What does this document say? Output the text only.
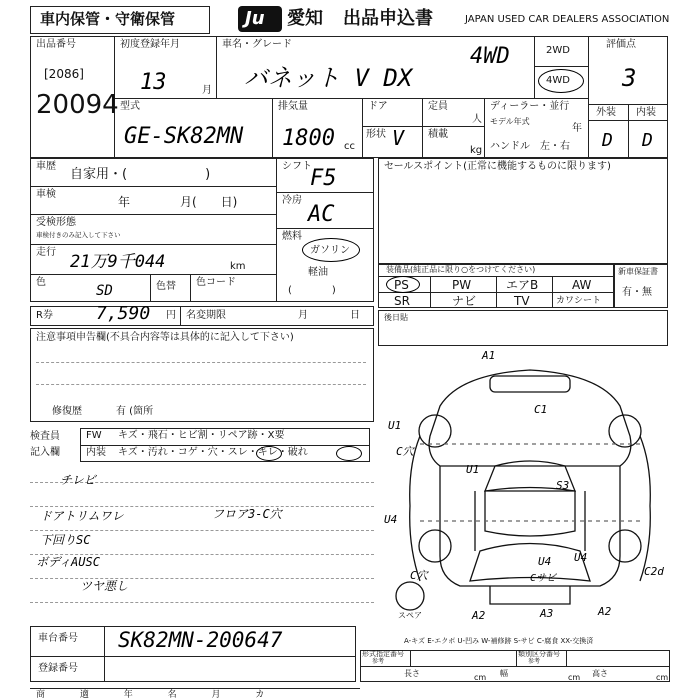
車内保管・守衛保管	Ju 愛知 出品申込書	JAPAN USED CAR DEALERS ASSOCIATION
出品番号
[2086]
20094
初度登録年月
13	月
車名・グレード
バネット V DX
4WD	2WD
4WD
評価点
3
外装 内装
D D
型式
GE-SK82MN
排気量
1800 cc
ドア
形状 V
定員
人
積載
kg
ディーラー・並行
モデル年式
年
ハンドル 左・右
車歴
自家用・(　　　　　　)
車検
年	月(　　日)
受検形態
車検付きのみ記入して下さい
走行 21万9千044	km
色
SD	色替 色コード
シフト
F5
冷房
AC
燃料
ガソリン
軽油
(　　　　)
セールスポイント(正常に機能するものに限ります)
装備品(純正品に限り○をつけてください)
PS	PW	エアB	AW
SR	ナビ	TV	カワシート
新車保証書
有・無
R券 7,590 円 名変期限	月	日	後日貼
注意事項申告欄(不具合内容等は具体的に記入して下さい)
修復歴	有 (箇所
検査員
記入欄
FW キズ・飛石・ヒビ割・リペア跡・X要
内装 キズ・汚れ・コゲ・穴・スレ・キレ・破れ
チレビ
ドアトリムワレ	フロア3-C穴
下回りSC
ボディAUSC
ツヤ悪し
A1
U1
C1
U1
S3
U4
U4
C穴
C穴
U4
Cサビ
C2d
A2	A3	A2
スペア
A-キズ E-エクボ U-凹み W-補修跡 S-サビ C-腐食 XX-交換済
車台番号 SK82MN-200647
登録番号
形式指定番号
参考
類別区分番号
参考
長さ	cm 幅	cm 高さ	cm
商 適 年 名 月 カ
